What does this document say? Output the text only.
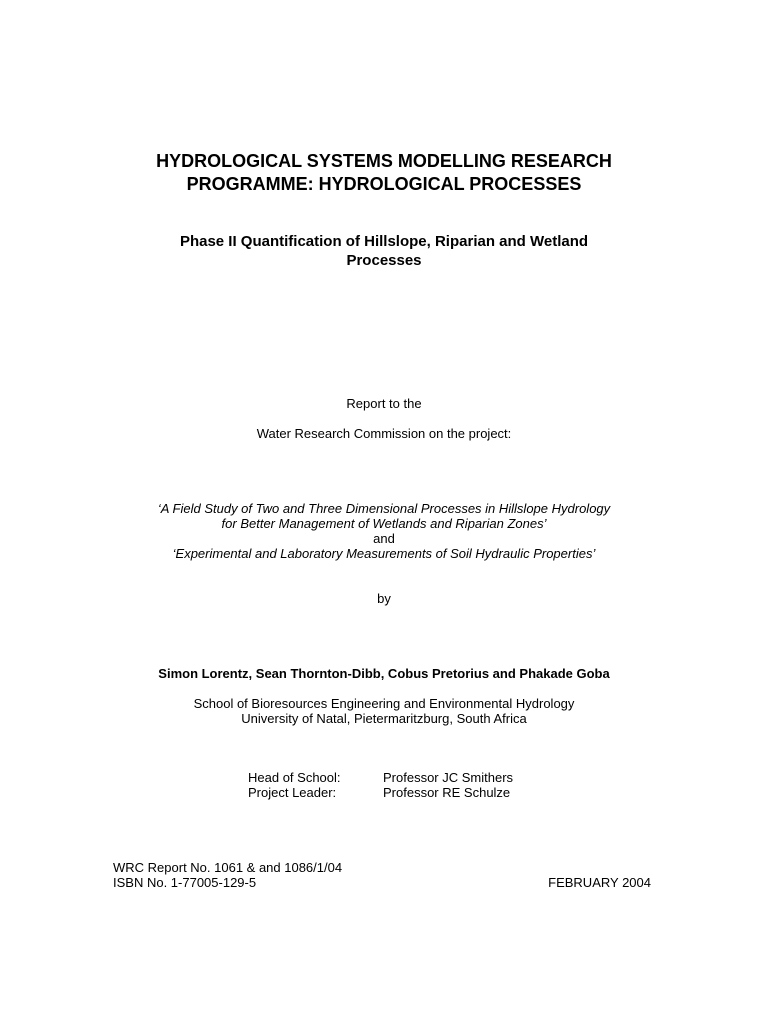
HYDROLOGICAL SYSTEMS MODELLING RESEARCH
PROGRAMME: HYDROLOGICAL PROCESSES
Phase II Quantification of Hillslope, Riparian and Wetland
Processes
Report to the
Water Research Commission on the project:
‘A Field Study of Two and Three Dimensional Processes in Hillslope Hydrology
for Better Management of Wetlands and Riparian Zones’
and
‘Experimental and Laboratory Measurements of Soil Hydraulic Properties’
by
Simon Lorentz, Sean Thornton-Dibb, Cobus Pretorius and Phakade Goba
School of Bioresources Engineering and Environmental Hydrology
University of Natal, Pietermaritzburg, South Africa
Head of School:	Professor JC Smithers
Project Leader:	Professor RE Schulze
WRC Report No. 1061 & and 1086/1/04
ISBN No. 1-77005-129-5	FEBRUARY 2004
